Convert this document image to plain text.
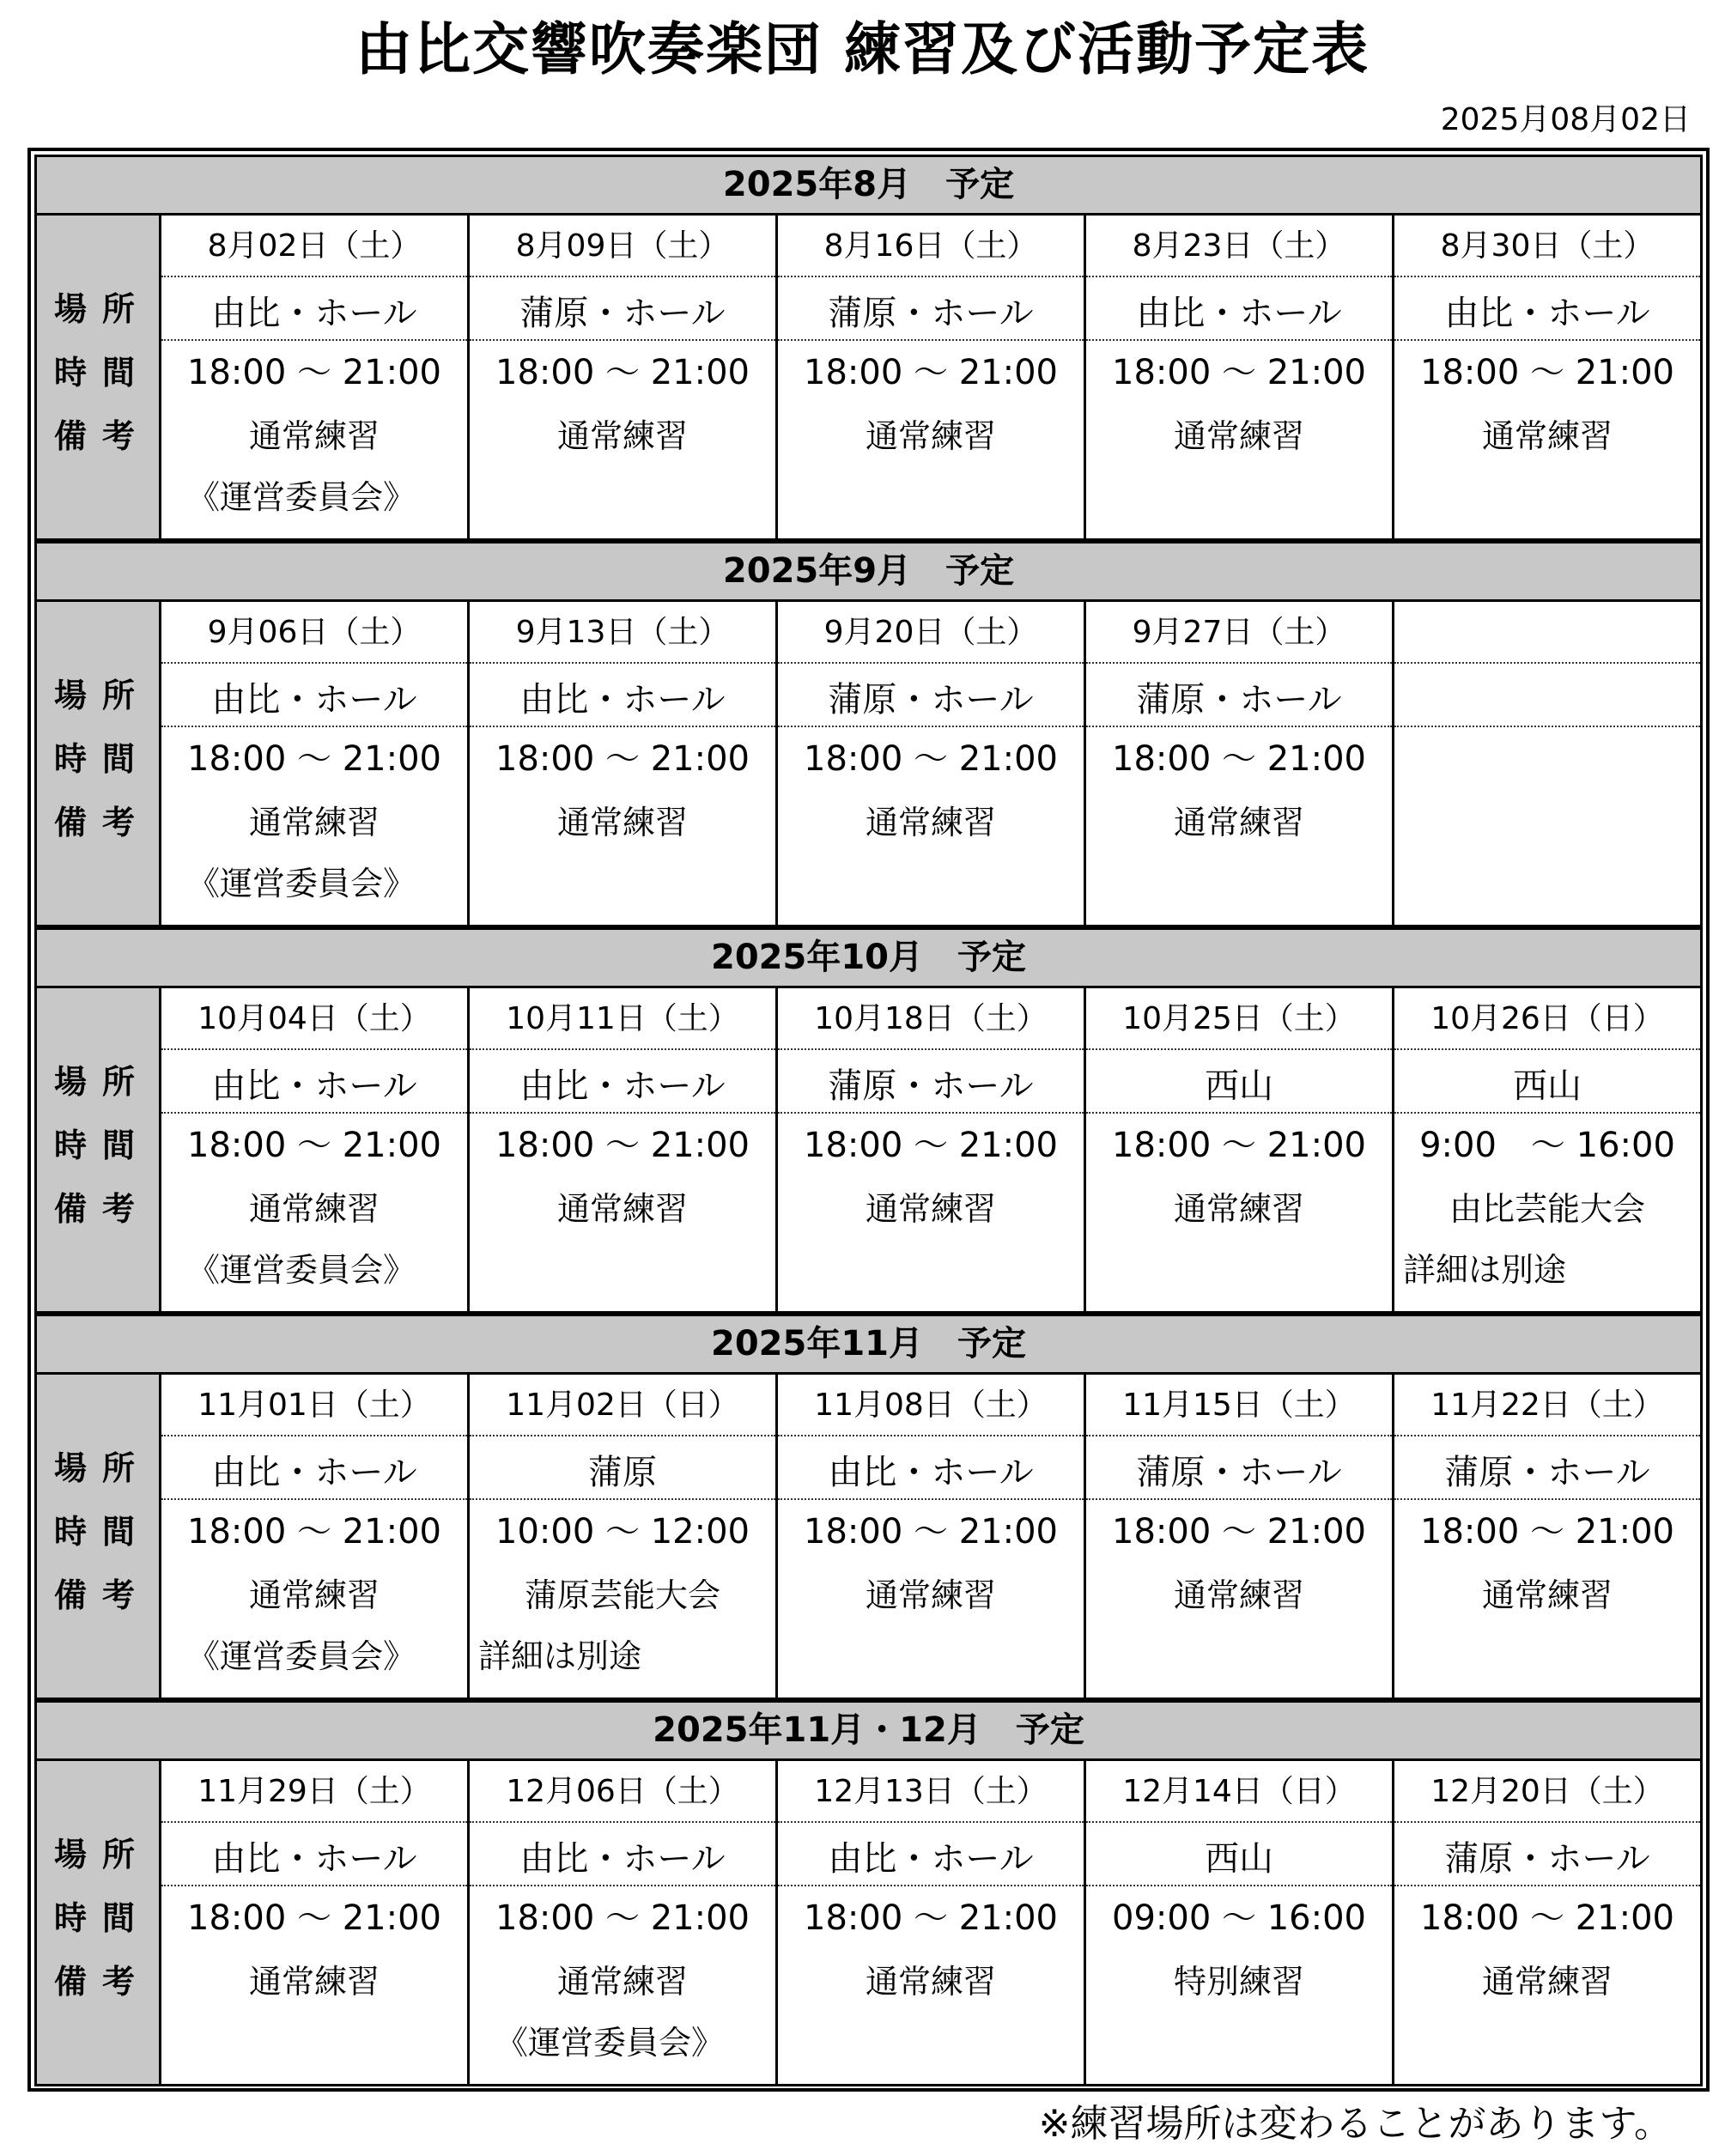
由比交響吹奏楽団 練習及び活動予定表
2025月08月02日
2025年8月　予定
場所
時間
備考
8月02日（土）
由比・ホール
18:00 ～ 21:00
通常練習
《運営委員会》
8月09日（土）
蒲原・ホール
18:00 ～ 21:00
通常練習
8月16日（土）
蒲原・ホール
18:00 ～ 21:00
通常練習
8月23日（土）
由比・ホール
18:00 ～ 21:00
通常練習
8月30日（土）
由比・ホール
18:00 ～ 21:00
通常練習
2025年9月　予定
場所
時間
備考
9月06日（土）
由比・ホール
18:00 ～ 21:00
通常練習
《運営委員会》
9月13日（土）
由比・ホール
18:00 ～ 21:00
通常練習
9月20日（土）
蒲原・ホール
18:00 ～ 21:00
通常練習
9月27日（土）
蒲原・ホール
18:00 ～ 21:00
通常練習
2025年10月　予定
場所
時間
備考
10月04日（土）
由比・ホール
18:00 ～ 21:00
通常練習
《運営委員会》
10月11日（土）
由比・ホール
18:00 ～ 21:00
通常練習
10月18日（土）
蒲原・ホール
18:00 ～ 21:00
通常練習
10月25日（土）
西山
18:00 ～ 21:00
通常練習
10月26日（日）
西山
9:00　～ 16:00
由比芸能大会
詳細は別途
2025年11月　予定
場所
時間
備考
11月01日（土）
由比・ホール
18:00 ～ 21:00
通常練習
《運営委員会》
11月02日（日）
蒲原
10:00 ～ 12:00
蒲原芸能大会
詳細は別途
11月08日（土）
由比・ホール
18:00 ～ 21:00
通常練習
11月15日（土）
蒲原・ホール
18:00 ～ 21:00
通常練習
11月22日（土）
蒲原・ホール
18:00 ～ 21:00
通常練習
2025年11月・12月　予定
場所
時間
備考
11月29日（土）
由比・ホール
18:00 ～ 21:00
通常練習
12月06日（土）
由比・ホール
18:00 ～ 21:00
通常練習
《運営委員会》
12月13日（土）
由比・ホール
18:00 ～ 21:00
通常練習
12月14日（日）
西山
09:00 ～ 16:00
特別練習
12月20日（土）
蒲原・ホール
18:00 ～ 21:00
通常練習
※練習場所は変わることがあります。
